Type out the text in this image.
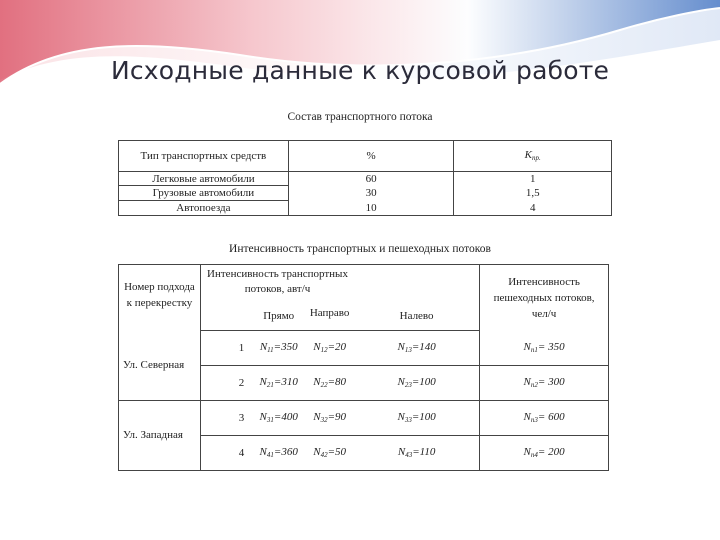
Исходные данные к курсовой работе
Состав транспортного потока
Тип транспортных средств	%	$К_{пр.}$
Легковые автомобили	60	1
Грузовые автомобили	30	1,5
Автопоезда	10	4
Интенсивность транспортных и пешеходных потоков
Номер подхода к перекрестку	Интенсивность транспортных потоков, авт/ч				Интенсивность пешеходных потоков, чел/ч
		Прямо	Направо	Налево	
Ул. Северная	1	$N_{11}=350$	$N_{12}=20$	$N_{13}=140$	$N_{п1}= 350$
	2	$N_{21}=310$	$N_{22}=80$	$N_{23}=100$	$N_{п2}= 300$
Ул. Западная	3	$N_{31}=400$	$N_{32}=90$	$N_{33}=100$	$N_{п3}= 600$
	4	$N_{41}=360$	$N_{42}=50$	$N_{43}=110$	$N_{п4}= 200$
